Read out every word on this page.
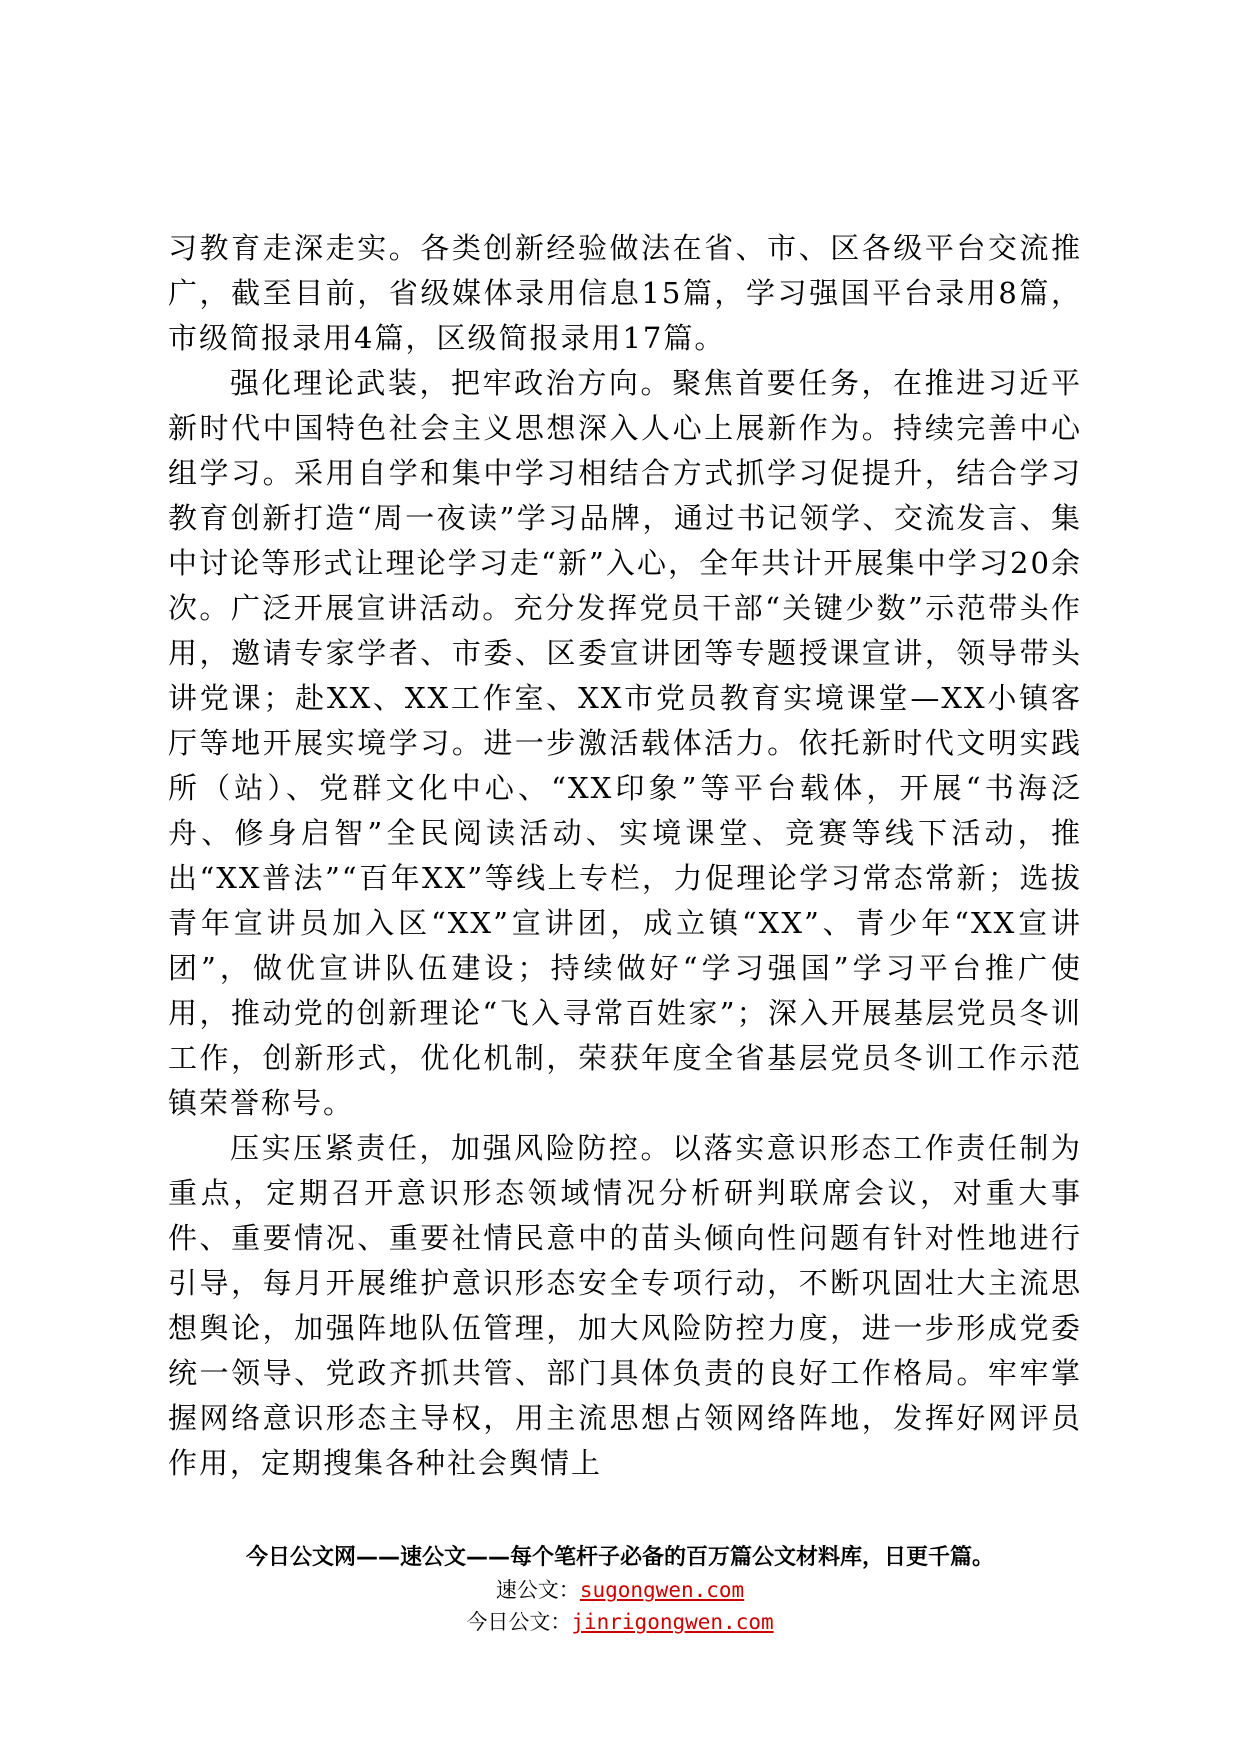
习教育走深走实。各类创新经验做法在省、市、区各级平台交流推广，截至目前，省级媒体录用信息15篇，学习强国平台录用8篇，市级简报录用4篇，区级简报录用17篇。

强化理论武装，把牢政治方向。聚焦首要任务，在推进习近平新时代中国特色社会主义思想深入人心上展新作为。持续完善中心组学习。采用自学和集中学习相结合方式抓学习促提升，结合学习教育创新打造“周一夜读”学习品牌，通过书记领学、交流发言、集中讨论等形式让理论学习走“新”入心，全年共计开展集中学习20余次。广泛开展宣讲活动。充分发挥党员干部“关键少数”示范带头作用，邀请专家学者、市委、区委宣讲团等专题授课宣讲，领导带头讲党课；赴XX、XX工作室、XX市党员教育实境课堂—XX小镇客厅等地开展实境学习。进一步激活载体活力。依托新时代文明实践所（站）、党群文化中心、“XX印象”等平台载体，开展“书海泛舟、修身启智”全民阅读活动、实境课堂、竞赛等线下活动，推出“XX普法”“百年XX”等线上专栏，力促理论学习常态常新；选拔青年宣讲员加入区“XX”宣讲团，成立镇“XX”、青少年“XX宣讲团”，做优宣讲队伍建设；持续做好“学习强国”学习平台推广使用，推动党的创新理论“飞入寻常百姓家”；深入开展基层党员冬训工作，创新形式，优化机制，荣获年度全省基层党员冬训工作示范镇荣誉称号。

压实压紧责任，加强风险防控。以落实意识形态工作责任制为重点，定期召开意识形态领域情况分析研判联席会议，对重大事件、重要情况、重要社情民意中的苗头倾向性问题有针对性地进行引导，每月开展维护意识形态安全专项行动，不断巩固壮大主流思想舆论，加强阵地队伍管理，加大风险防控力度，进一步形成党委统一领导、党政齐抓共管、部门具体负责的良好工作格局。牢牢掌握网络意识形态主导权，用主流思想占领网络阵地，发挥好网评员作用，定期搜集各种社会舆情上

今日公文网——速公文——每个笔杆子必备的百万篇公文材料库，日更千篇。

速公文：sugongwen.com

今日公文：jinrigongwen.com
